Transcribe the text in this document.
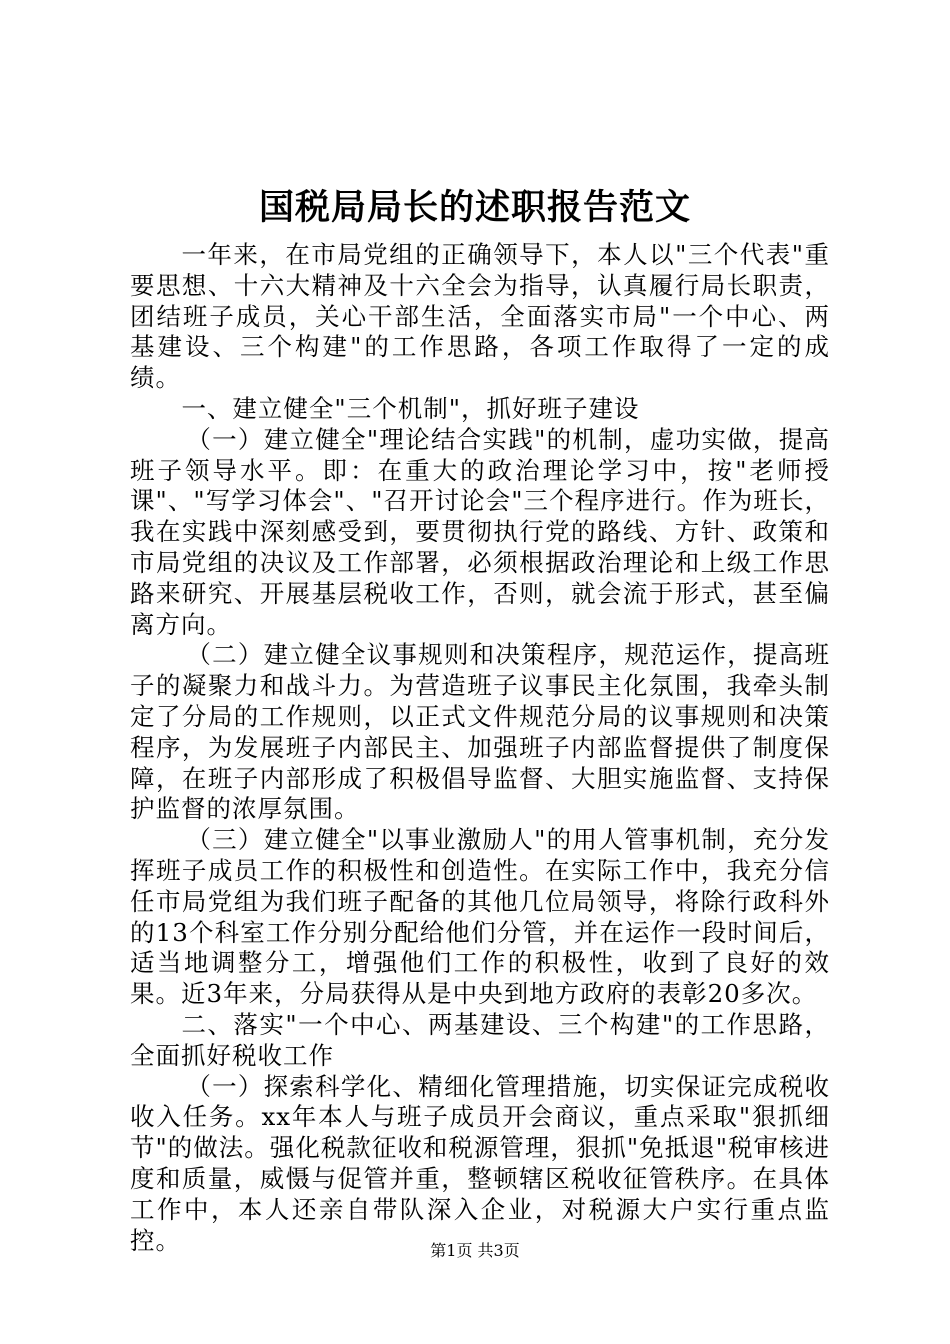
国税局局长的述职报告范文

一年来，在市局党组的正确领导下，本人以"三个代表"重要思想、十六大精神及十六全会为指导，认真履行局长职责，团结班子成员，关心干部生活，全面落实市局"一个中心、两基建设、三个构建"的工作思路，各项工作取得了一定的成绩。

一、建立健全"三个机制"，抓好班子建设

（一）建立健全"理论结合实践"的机制，虚功实做，提高班子领导水平。即：在重大的政治理论学习中，按"老师授课"、"写学习体会"、"召开讨论会"三个程序进行。作为班长，我在实践中深刻感受到，要贯彻执行党的路线、方针、政策和市局党组的决议及工作部署，必须根据政治理论和上级工作思路来研究、开展基层税收工作，否则，就会流于形式，甚至偏离方向。

（二）建立健全议事规则和决策程序，规范运作，提高班子的凝聚力和战斗力。为营造班子议事民主化氛围，我牵头制定了分局的工作规则，以正式文件规范分局的议事规则和决策程序，为发展班子内部民主、加强班子内部监督提供了制度保障，在班子内部形成了积极倡导监督、大胆实施监督、支持保护监督的浓厚氛围。

（三）建立健全"以事业激励人"的用人管事机制，充分发挥班子成员工作的积极性和创造性。在实际工作中，我充分信任市局党组为我们班子配备的其他几位局领导，将除行政科外的13个科室工作分别分配给他们分管，并在运作一段时间后，适当地调整分工，增强他们工作的积极性，收到了良好的效果。近3年来，分局获得从是中央到地方政府的表彰20多次。

二、落实"一个中心、两基建设、三个构建"的工作思路，全面抓好税收工作

（一）探索科学化、精细化管理措施，切实保证完成税收收入任务。xx年本人与班子成员开会商议，重点采取"狠抓细节"的做法。强化税款征收和税源管理，狠抓"免抵退"税审核进度和质量，威慑与促管并重，整顿辖区税收征管秩序。在具体工作中，本人还亲自带队深入企业，对税源大户实行重点监控。	第1页 共3页
